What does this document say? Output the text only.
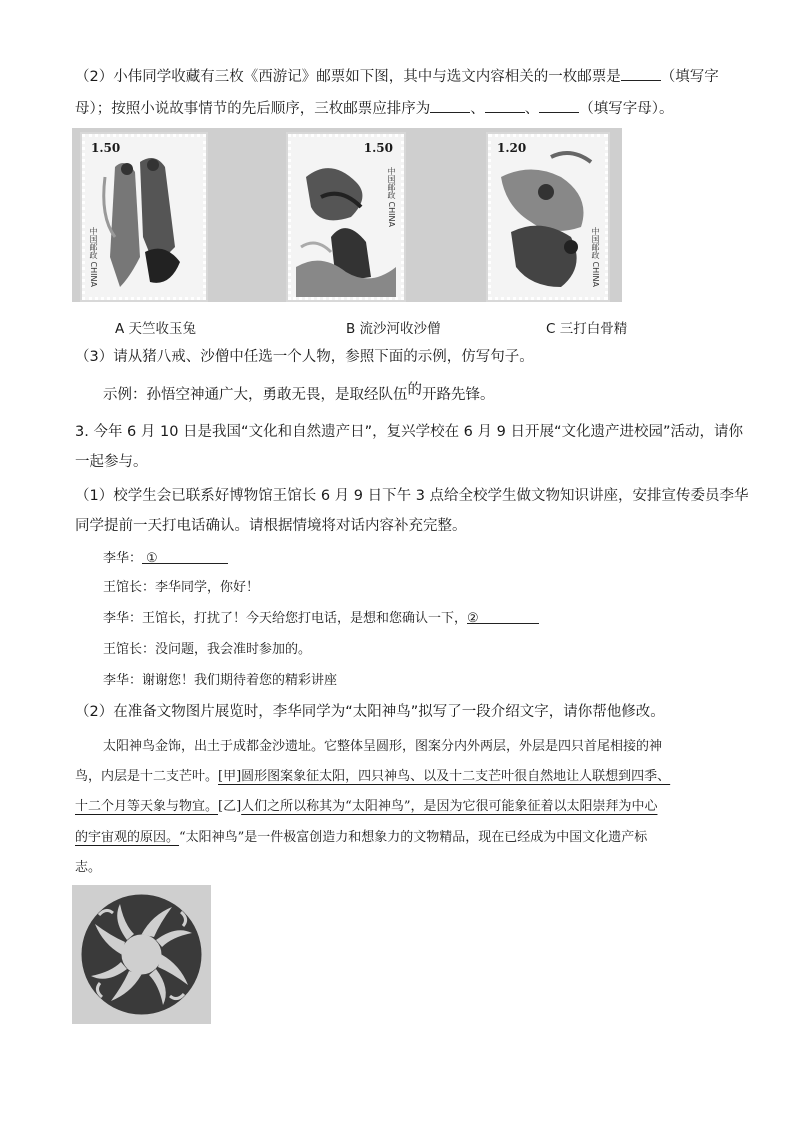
（2）小伟同学收藏有三枚《西游记》邮票如下图，其中与选文内容相关的一枚邮票是	（填写字
母）；按照小说故事情节的先后顺序，三枚邮票应排序为	、	、	（填写字母）。
1.50
中国邮政 CHINA
1.50
中国邮政 CHINA
1.20
中国邮政 CHINA
A 天竺收玉兔	B 流沙河收沙僧	C 三打白骨精
（3）请从猪八戒、沙僧中任选一个人物，参照下面的示例，仿写句子。
示例：孙悟空神通广大，勇敢无畏，是取经队伍的开路先锋。
3. 今年 6 月 10 日是我国“文化和自然遗产日”，复兴学校在 6 月 9 日开展“文化遗产进校园”活动，请你
一起参与。
（1）校学生会已联系好博物馆王馆长 6 月 9 日下午 3 点给全校学生做文物知识讲座，安排宣传委员李华
同学提前一天打电话确认。请根据情境将对话内容补充完整。
李华： ①
王馆长：李华同学，你好！
李华：王馆长，打扰了！今天给您打电话，是想和您确认一下，②
王馆长：没问题，我会准时参加的。
李华：谢谢您！我们期待着您的精彩讲座
（2）在准备文物图片展览时，李华同学为“太阳神鸟”拟写了一段介绍文字，请你帮他修改。
太阳神鸟金饰，出土于成都金沙遗址。它整体呈圆形，图案分内外两层，外层是四只首尾相接的神
鸟，内层是十二支芒叶。[甲]圆形图案象征太阳，四只神鸟、以及十二支芒叶很自然地让人联想到四季、
十二个月等天象与物宜。[乙]人们之所以称其为“太阳神鸟”，是因为它很可能象征着以太阳崇拜为中心
的宇宙观的原因。“太阳神鸟”是一件极富创造力和想象力的文物精品，现在已经成为中国文化遗产标
志。
